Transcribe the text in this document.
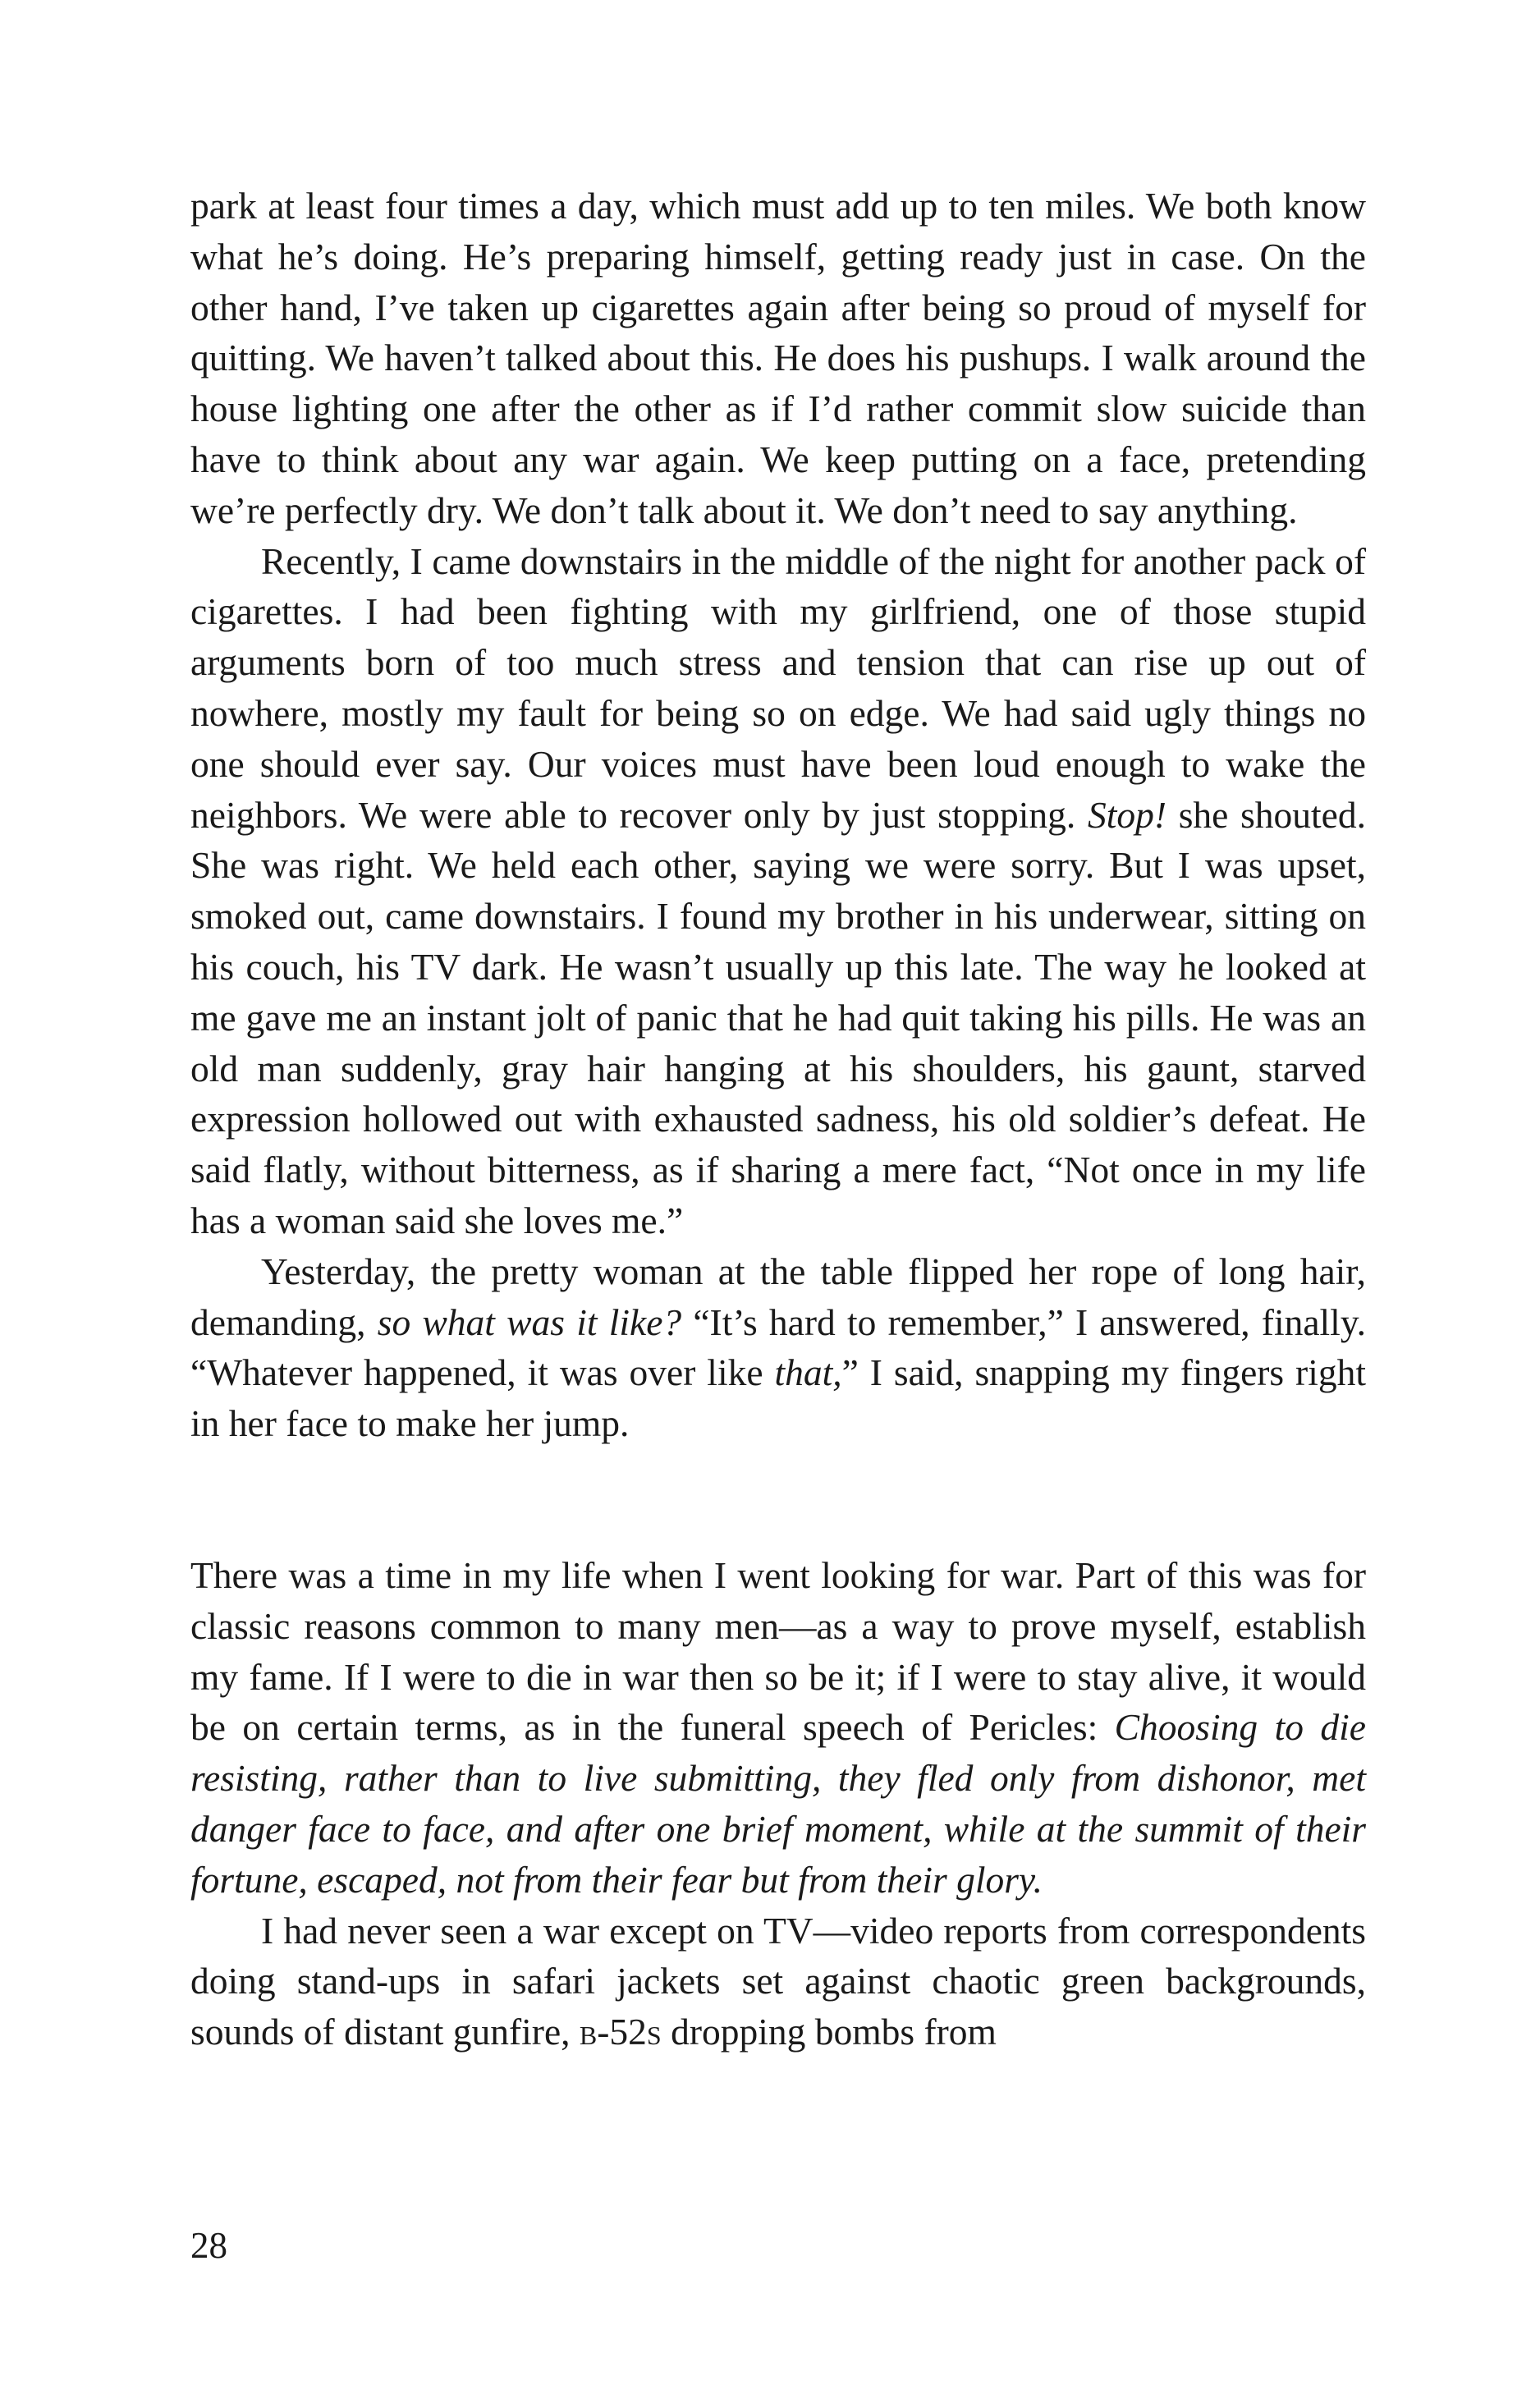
park at least four times a day, which must add up to ten miles. We both know what he’s doing. He’s preparing himself, getting ready just in case. On the other hand, I’ve taken up cigarettes again after being so proud of myself for quitting. We haven’t talked about this. He does his pushups. I walk around the house lighting one after the other as if I’d rather commit slow suicide than have to think about any war again. We keep putting on a face, pretending we’re perfectly dry. We don’t talk about it. We don’t need to say anything.

Recently, I came downstairs in the middle of the night for another pack of cigarettes. I had been fighting with my girlfriend, one of those stupid arguments born of too much stress and tension that can rise up out of nowhere, mostly my fault for being so on edge. We had said ugly things no one should ever say. Our voices must have been loud enough to wake the neighbors. We were able to recover only by just stopping. Stop! she shouted. She was right. We held each other, saying we were sorry. But I was upset, smoked out, came downstairs. I found my brother in his underwear, sitting on his couch, his TV dark. He wasn’t usually up this late. The way he looked at me gave me an instant jolt of panic that he had quit taking his pills. He was an old man suddenly, gray hair hanging at his shoulders, his gaunt, starved expression hollowed out with exhausted sadness, his old soldier’s defeat. He said flatly, without bitterness, as if sharing a mere fact, “Not once in my life has a woman said she loves me.”

Yesterday, the pretty woman at the table flipped her rope of long hair, demanding, so what was it like? “It’s hard to remember,” I answered, finally. “Whatever happened, it was over like that,” I said, snapping my fingers right in her face to make her jump.

There was a time in my life when I went looking for war. Part of this was for classic reasons common to many men—as a way to prove myself, establish my fame. If I were to die in war then so be it; if I were to stay alive, it would be on certain terms, as in the funeral speech of Pericles: Choosing to die resisting, rather than to live submitting, they fled only from dishonor, met danger face to face, and after one brief moment, while at the summit of their fortune, escaped, not from their fear but from their glory.

I had never seen a war except on TV—video reports from correspondents doing stand-ups in safari jackets set against chaotic green backgrounds, sounds of distant gunfire, b-52s dropping bombs from

28
